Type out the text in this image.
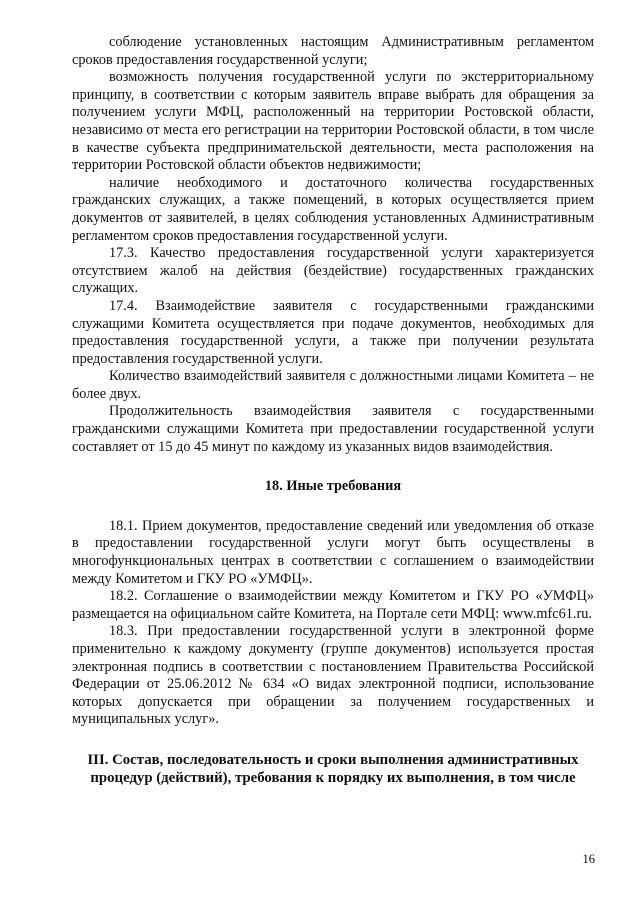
соблюдение установленных настоящим Административным регламентом сроков предоставления государственной услуги;

возможность получения государственной услуги по экстерриториальному принципу, в соответствии с которым заявитель вправе выбрать для обращения за получением услуги МФЦ, расположенный на территории Ростовской области, независимо от места его регистрации на территории Ростовской области, в том числе в качестве субъекта предпринимательской деятельности, места расположения на территории Ростовской области объектов недвижимости;

наличие необходимого и достаточного количества государственных гражданских служащих, а также помещений, в которых осуществляется прием документов от заявителей, в целях соблюдения установленных Административным регламентом сроков предоставления государственной услуги.

17.3. Качество предоставления государственной услуги характеризуется отсутствием жалоб на действия (бездействие) государственных гражданских служащих.

17.4. Взаимодействие заявителя с государственными гражданскими служащими Комитета осуществляется при подаче документов, необходимых для предоставления государственной услуги, а также при получении результата предоставления государственной услуги.

Количество взаимодействий заявителя с должностными лицами Комитета – не более двух.

Продолжительность взаимодействия заявителя с государственными гражданскими служащими Комитета при предоставлении государственной услуги составляет от 15 до 45 минут по каждому из указанных видов взаимодействия.

18. Иные требования

18.1. Прием документов, предоставление сведений или уведомления об отказе в предоставлении государственной услуги могут быть осуществлены в многофункциональных центрах в соответствии с соглашением о взаимодействии между Комитетом и ГКУ РО «УМФЦ».

18.2. Соглашение о взаимодействии между Комитетом и ГКУ РО «УМФЦ» размещается на официальном сайте Комитета, на Портале сети МФЦ: www.mfc61.ru.

18.3. При предоставлении государственной услуги в электронной форме применительно к каждому документу (группе документов) используется простая электронная подпись в соответствии с постановлением Правительства Российской Федерации от 25.06.2012 № 634 «О видах электронной подписи, использование которых допускается при обращении за получением государственных и муниципальных услуг».

III. Состав, последовательность и сроки выполнения административных процедур (действий), требования к порядку их выполнения, в том числе
16
